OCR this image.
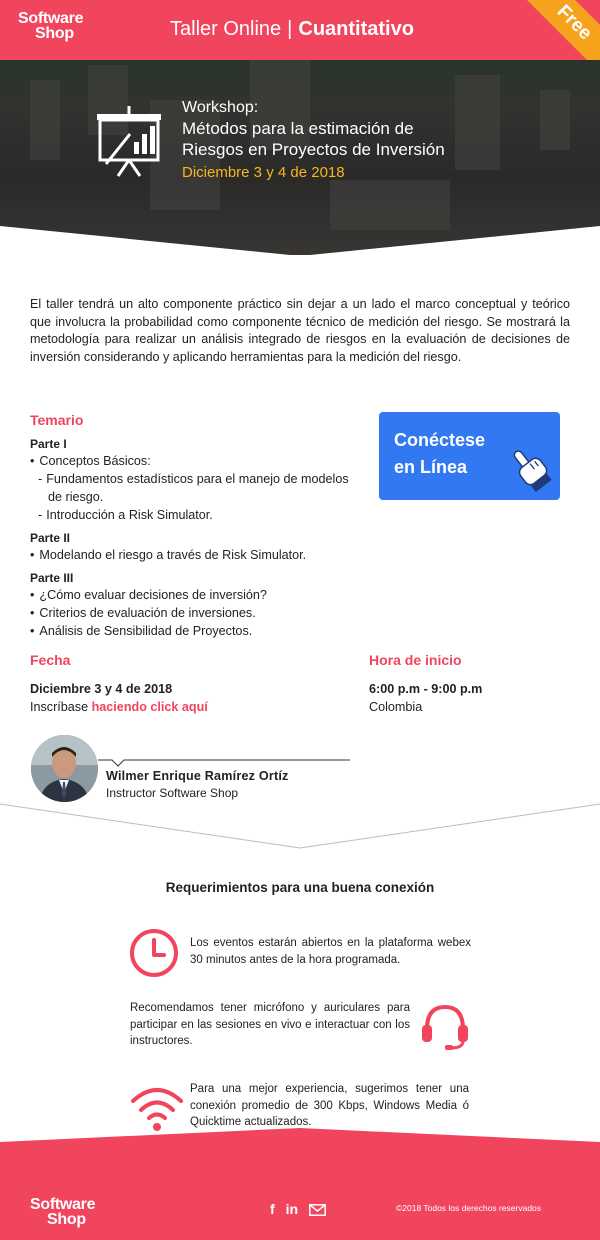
Software
Shop	Taller Online | Cuantitativo	Free
Workshop:
Métodos para la estimación de
Riesgos en Proyectos de Inversión
Diciembre 3 y 4 de 2018

El taller tendrá un alto componente práctico sin dejar a un lado el marco conceptual y teórico que involucra la probabilidad como componente técnico de medición del riesgo. Se mostrará la metodología para realizar un análisis integrado de riesgos en la evaluación de decisiones de inversión considerando y aplicando herramientas para la medición del riesgo.

Temario
Parte I
• Conceptos Básicos:
- Fundamentos estadísticos para el manejo de modelos de riesgo.
- Introducción a Risk Simulator.
Parte II
• Modelando el riesgo a través de Risk Simulator.
Parte III
• ¿Cómo evaluar decisiones de inversión?
• Criterios de evaluación de inversiones.
• Análisis de Sensibilidad de Proyectos.
Conéctese
en Línea
Fecha
Diciembre 3 y 4 de 2018
Inscríbase haciendo click aquí
Hora de inicio
6:00 p.m - 9:00 p.m
Colombia
Wilmer Enrique Ramírez Ortíz
Instructor Software Shop
Requerimientos para una buena conexión

Los eventos estarán abiertos en la plataforma webex 30 minutos antes de la hora programada.

Recomendamos tener micrófono y auriculares para participar en las sesiones en vivo e interactuar con los instructores.

Para una mejor experiencia, sugerimos tener una conexión promedio de 300 Kbps, Windows Media ó Quicktime actualizados.

Software
Shop
f in	©2018 Todos los derechos reservados
